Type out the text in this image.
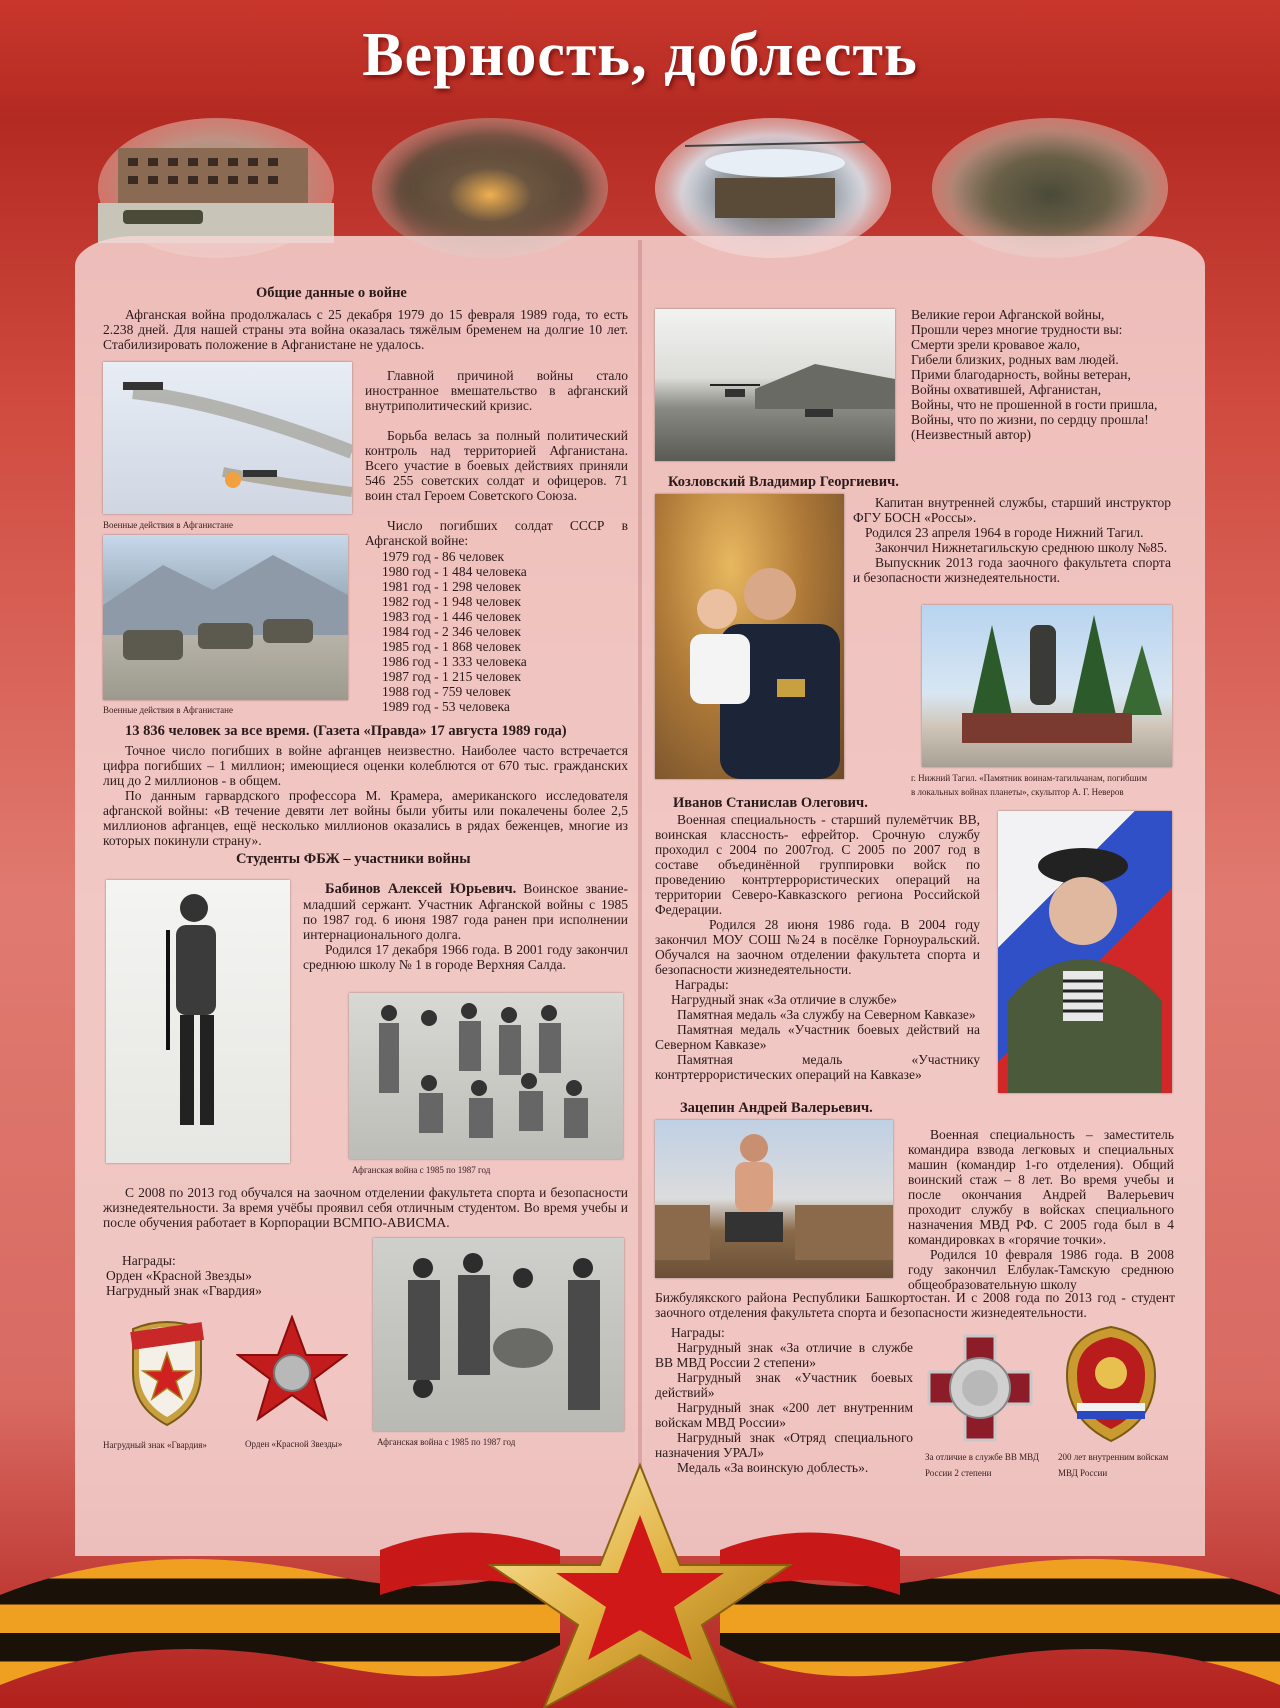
Верность, доблесть
Общие данные о войне
Афганская война продолжалась с 25 декабря 1979 до 15 февраля 1989 года, то есть 2.238 дней. Для нашей страны эта война оказалась тяжёлым бременем на долгие 10 лет. Стабилизировать положение в Афганистане не удалось.
Военные действия в Афганистане
Военные действия в Афганистане
Главной причиной войны стало иностранное вмешательство в афганский внутриполитический кризис.
Борьба велась за полный политический контроль над территорией Афганистана. Всего участие в боевых действиях приняли 546 255 советских солдат и офицеров. 71 воин стал Героем Советского Союза.
Число погибших солдат СССР в Афганской войне:
1979 год - 86 человек
1980 год - 1 484 человека
1981 год - 1 298 человек
1982 год - 1 948 человек
1983 год - 1 446 человек
1984 год - 2 346 человек
1985 год - 1 868 человек
1986 год - 1 333 человека
1987 год - 1 215 человек
1988 год - 759 человек
1989 год - 53 человека
13 836 человек за все время. (Газета «Правда» 17 августа 1989 года)
Точное число погибших в войне афганцев неизвестно. Наиболее часто встречается цифра погибших – 1 миллион; имеющиеся оценки колеблются от 670 тыс. гражданских лиц до 2 миллионов - в общем.
По данным гарвардского профессора М. Крамера, американского исследователя афганской войны: «В течение девяти лет войны были убиты или покалечены более 2,5 миллионов афганцев, ещё несколько миллионов оказались в рядах беженцев, многие из которых покинули страну».
Студенты ФБЖ – участники войны

Бабинов Алексей Юрьевич. Воинское звание- младший сержант. Участник Афганской войны с 1985 по 1987 год. 6 июня 1987 года ранен при исполнении интернационального долга.

Родился 17 декабря 1966 года. В 2001 году закончил среднюю школу № 1 в городе Верхняя Салда.

Афганская война с 1985 по 1987 год
С 2008 по 2013 год обучался на заочном отделении факультета спорта и безопасности жизнедеятельности. За время учёбы проявил себя отличным студентом. Во время учебы и после обучения работает в Корпорации ВСМПО-АВИСМА.

Награды:

Орден «Красной Звезды»

Нагрудный знак «Гвардия»

Афганская война с 1985 по 1987 год
Нагрудный знак «Гвардия»	Орден «Красной Звезды»

Великие герои Афганской войны,

Прошли через многие трудности вы:

Смерти зрели кровавое жало,

Гибели близких, родных вам людей.

Прими благодарность, войны ветеран,

Войны охватившей, Афганистан,

Войны, что не прошенной в гости пришла,

Войны, что по жизни, по сердцу прошла!

(Неизвестный автор)

Козловский Владимир Георгиевич.

Капитан внутренней службы, старший инструктор ФГУ БОСН «Россы».

Родился 23 апреля 1964 в городе Нижний Тагил.

Закончил Нижнетагильскую среднюю школу №85.

Выпускник 2013 года заочного факультета спорта и безопасности жизнедеятельности.

г. Нижний Тагил. «Памятник воинам-тагильчанам, погибшим
в локальных войнах планеты», скульптор А. Г. Неверов
Иванов Станислав Олегович.

Военная специальность - старший пулемётчик ВВ, воинская классность- ефрейтор. Срочную службу проходил с 2004 по 2007год. С 2005 по 2007 год в составе объединённой группировки войск по проведению контртеррористических операций на территории Северо-Кавказского региона Российской Федерации.

Родился 28 июня 1986 года. В 2004 году закончил МОУ СОШ №24 в посёлке Горноуральский. Обучался на заочном отделении факультета спорта и безопасности жизнедеятельности.

Награды:

Нагрудный знак «За отличие в службе»

Памятная медаль «За службу на Северном Кавказе»

Памятная медаль «Участник боевых действий на Северном Кавказе»

Памятная медаль «Участнику контртеррористических операций на Кавказе»

Зацепин Андрей Валерьевич.

Военная специальность – заместитель командира взвода легковых и специальных машин (командир 1-го отделения). Общий воинский стаж – 8 лет. Во время учебы и после окончания Андрей Валерьевич проходит службу в войсках специального назначения МВД РФ. С 2005 года был в 4 командировках в «горячие точки».

Родился 10 февраля 1986 года. В 2008 году закончил Елбулак-Тамскую среднюю общеобразовательную школу

Бижбулякского района Республики Башкортостан. И с 2008 года по 2013 год - студент заочного отделения факультета спорта и безопасности жизнедеятельности.

Награды:

Нагрудный знак «За отличие в службе ВВ МВД России 2 степени»

Нагрудный знак «Участник боевых действий»

Нагрудный знак «200 лет внутренним войскам МВД России»

Нагрудный знак «Отряд специального назначения УРАЛ»

Медаль «За воинскую доблесть».

За отличие в службе ВВ МВД
России 2 степени
200 лет внутренним войскам
МВД России
